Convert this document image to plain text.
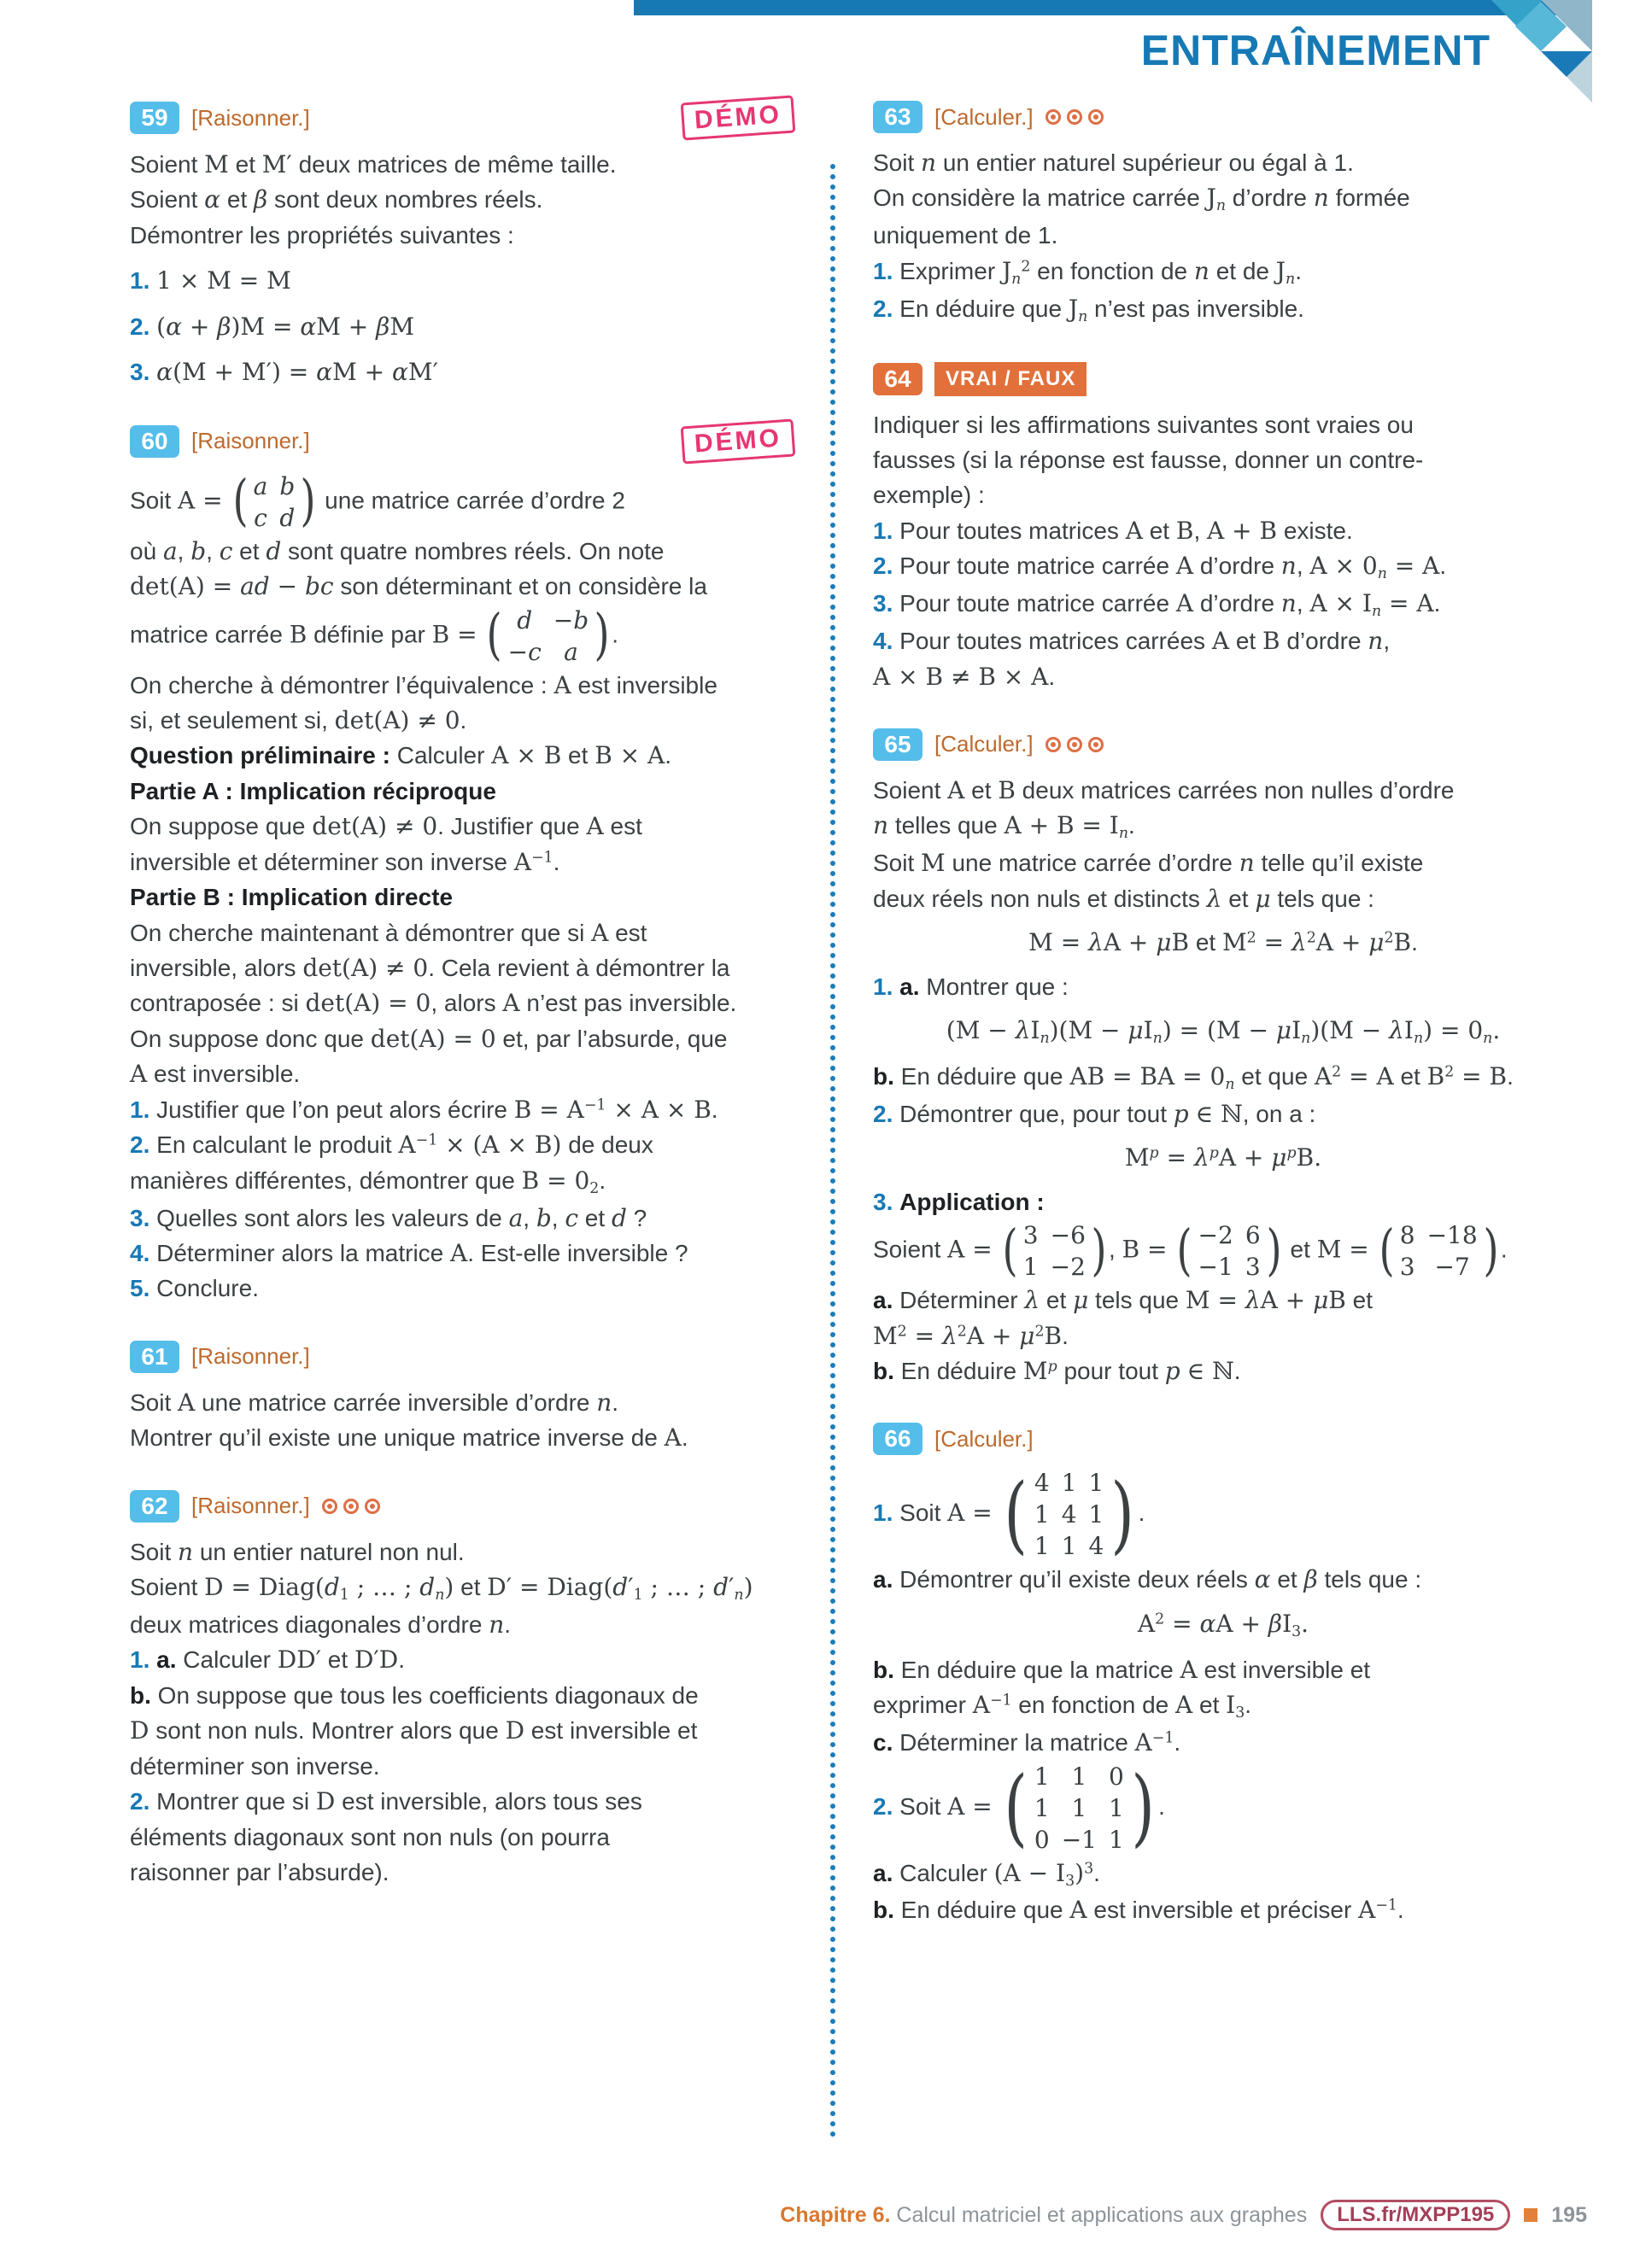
ENTRAÎNEMENT
59	[Raisonner.]	DÉMO

Soient M et M′ deux matrices de même taille.

Soient α et β sont deux nombres réels.

Démontrer les propriétés suivantes :

1. 1 × M = M

2. (α + β)M = αM + βM

3. α(M + M′) = αM + αM′

60	[Raisonner.]	DÉMO

Soit A = ( a	b
c	d
) une matrice carrée d’ordre 2

où a, b, c et d sont quatre nombres réels. On note

det(A) = ad − bc son déterminant et on considère la

matrice carrée B définie par B = ( d	−b
−c	a
).

On cherche à démontrer l’équivalence : A est inversible

si, et seulement si, det(A) ≠ 0.

Question préliminaire : Calculer A × B et B × A.

Partie A : Implication réciproque

On suppose que det(A) ≠ 0. Justifier que A est

inversible et déterminer son inverse $A^{-1}$.

Partie B : Implication directe

On cherche maintenant à démontrer que si A est

inversible, alors det(A) ≠ 0. Cela revient à démontrer la

contraposée : si det(A) = 0, alors A n’est pas inversible.

On suppose donc que det(A) = 0 et, par l’absurde, que

A est inversible.

1. Justifier que l’on peut alors écrire $B = A^{-1} \times A \times B$.

2. En calculant le produit $A^{-1} \times (A \times B)$ de deux

manières différentes, démontrer que $B = 0_2$.

3. Quelles sont alors les valeurs de a, b, c et d ?

4. Déterminer alors la matrice A. Est-elle inversible ?

5. Conclure.

61	[Raisonner.]

Soit A une matrice carrée inversible d’ordre n.

Montrer qu’il existe une unique matrice inverse de A.

62	[Raisonner.]

Soit n un entier naturel non nul.

Soient $D = Diag(d_1$ ; … ; $d_n$) et $D' = Diag(d'_1$ ; … ; $d'_n$)

deux matrices diagonales d’ordre n.

1. a. Calculer DD′ et D′D.

b. On suppose que tous les coefficients diagonaux de

D sont non nuls. Montrer alors que D est inversible et

déterminer son inverse.

2. Montrer que si D est inversible, alors tous ses

éléments diagonaux sont non nuls (on pourra

raisonner par l’absurde).

63	[Calculer.]

Soit n un entier naturel supérieur ou égal à 1.

On considère la matrice carrée $J_n$ d’ordre n formée

uniquement de 1.

1. Exprimer $J_n^2$ en fonction de n et de $J_n$.

2. En déduire que $J_n$ n’est pas inversible.

64	VRAI / FAUX

Indiquer si les affirmations suivantes sont vraies ou

fausses (si la réponse est fausse, donner un contre-

exemple) :

1. Pour toutes matrices A et B, A + B existe.

2. Pour toute matrice carrée A d’ordre n, $A \times 0_n = A$.

3. Pour toute matrice carrée A d’ordre n, $A \times I_n = A$.

4. Pour toutes matrices carrées A et B d’ordre n,

A × B ≠ B × A.

65	[Calculer.]

Soient A et B deux matrices carrées non nulles d’ordre

n telles que $A + B = I_n$.

Soit M une matrice carrée d’ordre n telle qu’il existe

deux réels non nuls et distincts λ et μ tels que :

M = λA + μB et $M^2 = \lambda^2A + \mu^2B$.

1. a. Montrer que :

$(M - \lambda I_n)(M - \mu I_n) = (M - \mu I_n)(M - \lambda I_n) = 0_n$.

b. En déduire que AB = BA = $0_n$ et que $A^2 = A$ et $B^2 = B$.

2. Démontrer que, pour tout p ∈ ℕ, on a :

$M^p = \lambda^pA + \mu^pB$.

3. Application :

Soient A = ( 3	−6
1	−2
), B = ( −2	6
−1	3
) et M = ( 8	−18
3	−7
).

a. Déterminer λ et μ tels que M = λA + μB et

$M^2 = \lambda^2A + \mu^2B$.

b. En déduire $M^p$ pour tout p ∈ ℕ.

66	[Calculer.]

1. Soit A =
( 4	1	1
1	4	1
1	1	4
).

a. Démontrer qu’il existe deux réels α et β tels que :

$A^2 = \alpha A + \beta I_3$.

b. En déduire que la matrice A est inversible et

exprimer $A^{-1}$ en fonction de A et $I_3$.

c. Déterminer la matrice $A^{-1}$.

2. Soit A =
( 1	1	0
1	1	1
0	−1	1
).

a. Calculer $(A - I_3)^3$.

b. En déduire que A est inversible et préciser $A^{-1}$.

Chapitre 6. Calcul matriciel et applications aux graphes	LLS.fr/MXPP195	195
